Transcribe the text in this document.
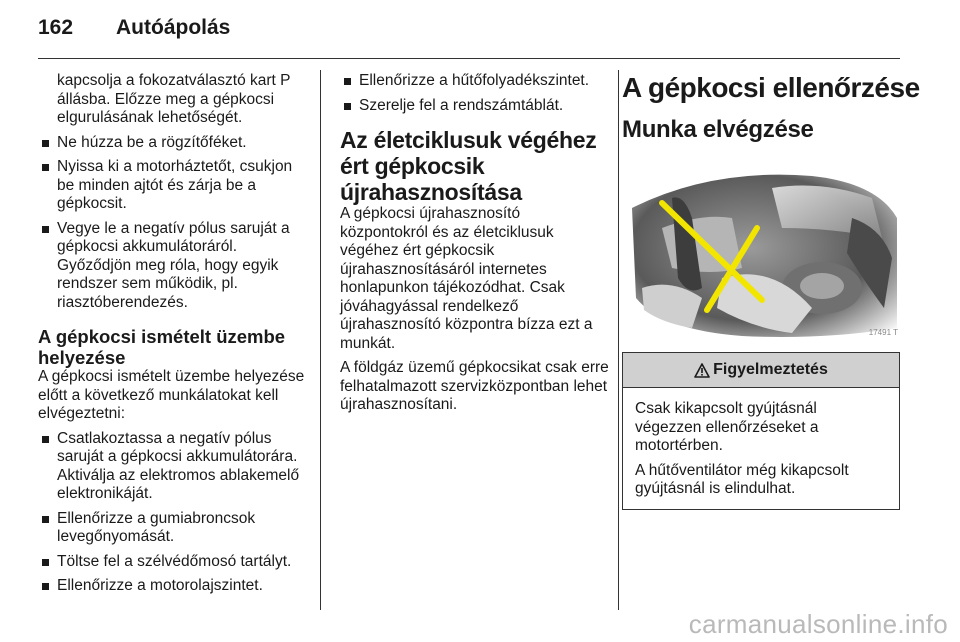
162	Autóápolás

kapcsolja a fokozatválasztó kart P állásba. Előzze meg a gépkocsi elgurulásának lehetőségét.

Ne húzza be a rögzítőféket.
Nyissa ki a motorháztetőt, csukjon be minden ajtót és zárja be a gépkocsit.
Vegye le a negatív pólus saruját a gépkocsi akkumulátoráról. Győződjön meg róla, hogy egyik rendszer sem működik, pl. riasztóberendezés.
A gépkocsi ismételt üzembe helyezése

A gépkocsi ismételt üzembe helyezése előtt a következő munkálatokat kell elvégeztetni:

Csatlakoztassa a negatív pólus saruját a gépkocsi akkumulátorára. Aktiválja az elektromos ablakemelő elektronikáját.
Ellenőrizze a gumiabroncsok levegőnyomását.
Töltse fel a szélvédőmosó tartályt.
Ellenőrizze a motorolajszintet.
Ellenőrizze a hűtőfolyadékszintet.
Szerelje fel a rendszámtáblát.
Az életciklusuk végéhez ért gépkocsik újrahasznosítása

A gépkocsi újrahasznosító központokról és az életciklusuk végéhez ért gépkocsik újrahasznosításáról internetes honlapunkon tájékozódhat. Csak jóváhagyással rendelkező újrahasznosító központra bízza ezt a munkát.

A földgáz üzemű gépkocsikat csak erre felhatalmazott szervizközpontban lehet újrahasznosítani.

A gépkocsi ellenőrzése
Munka elvégzése
17491 T
Figyelmeztetés

Csak kikapcsolt gyújtásnál végezzen ellenőrzéseket a motortérben.

A hűtőventilátor még kikapcsolt gyújtásnál is elindulhat.

carmanualsonline.info
